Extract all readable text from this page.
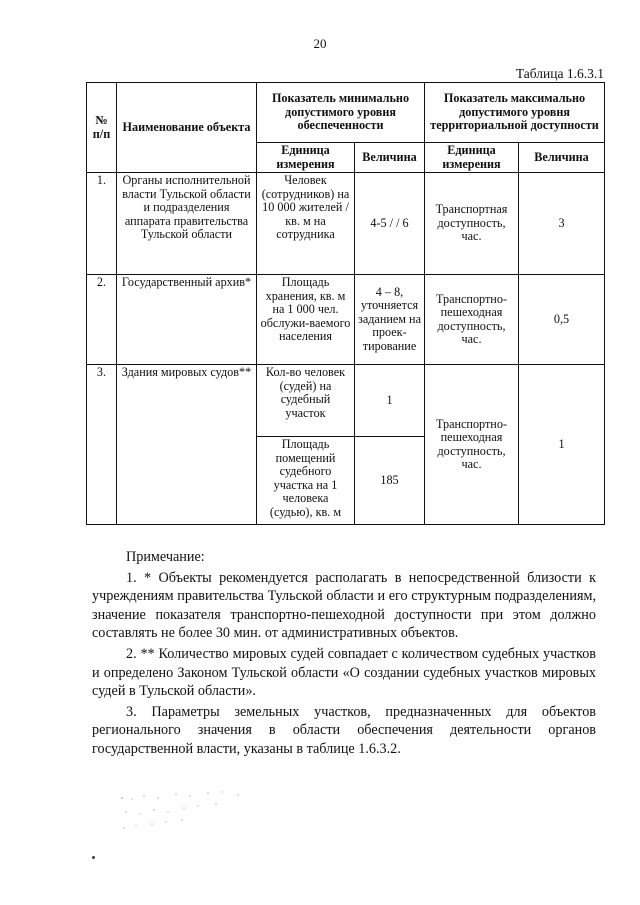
20
Таблица 1.6.3.1
№ п/п	Наименование объекта	Показатель минимально допустимого уровня обеспеченности		Показатель максимально допустимого уровня территориальной доступности	
		Единица измерения	Величина	Единица измерения	Величина
1.	Органы исполнительной власти Тульской области и подразделения аппарата правительства Тульской области	Человек (сотрудников) на 10 000 жителей / кв. м на сотрудника	4-5 / / 6	Транспортная доступность, час.	3
2.	Государственный архив*	Площадь хранения, кв. м на 1 000 чел. обслужи-ваемого населения	4 – 8, уточняется заданием на проек-тирование	Транспортно-пешеходная доступность, час.	0,5
3.	Здания мировых судов**	Кол-во человек (судей) на судебный участок	1	Транспортно-пешеходная доступность, час.	1
		Площадь помещений судебного участка на 1 человека (судью), кв. м	185		

Примечание:

1. * Объекты рекомендуется располагать в непосредственной близости к учреждениям правительства Тульской области и его структурным подразделениям, значение показателя транспортно-пешеходной доступности при этом должно составлять не более 30 мин. от административных объектов.

2. ** Количество мировых судей совпадает с количеством судебных участков и определено Законом Тульской области «О создании судебных участков мировых судей в Тульской области».

3. Параметры земельных участков, предназначенных для объектов регионального значения в области обеспечения деятельности органов государственной власти, указаны в таблице 1.6.3.2.
